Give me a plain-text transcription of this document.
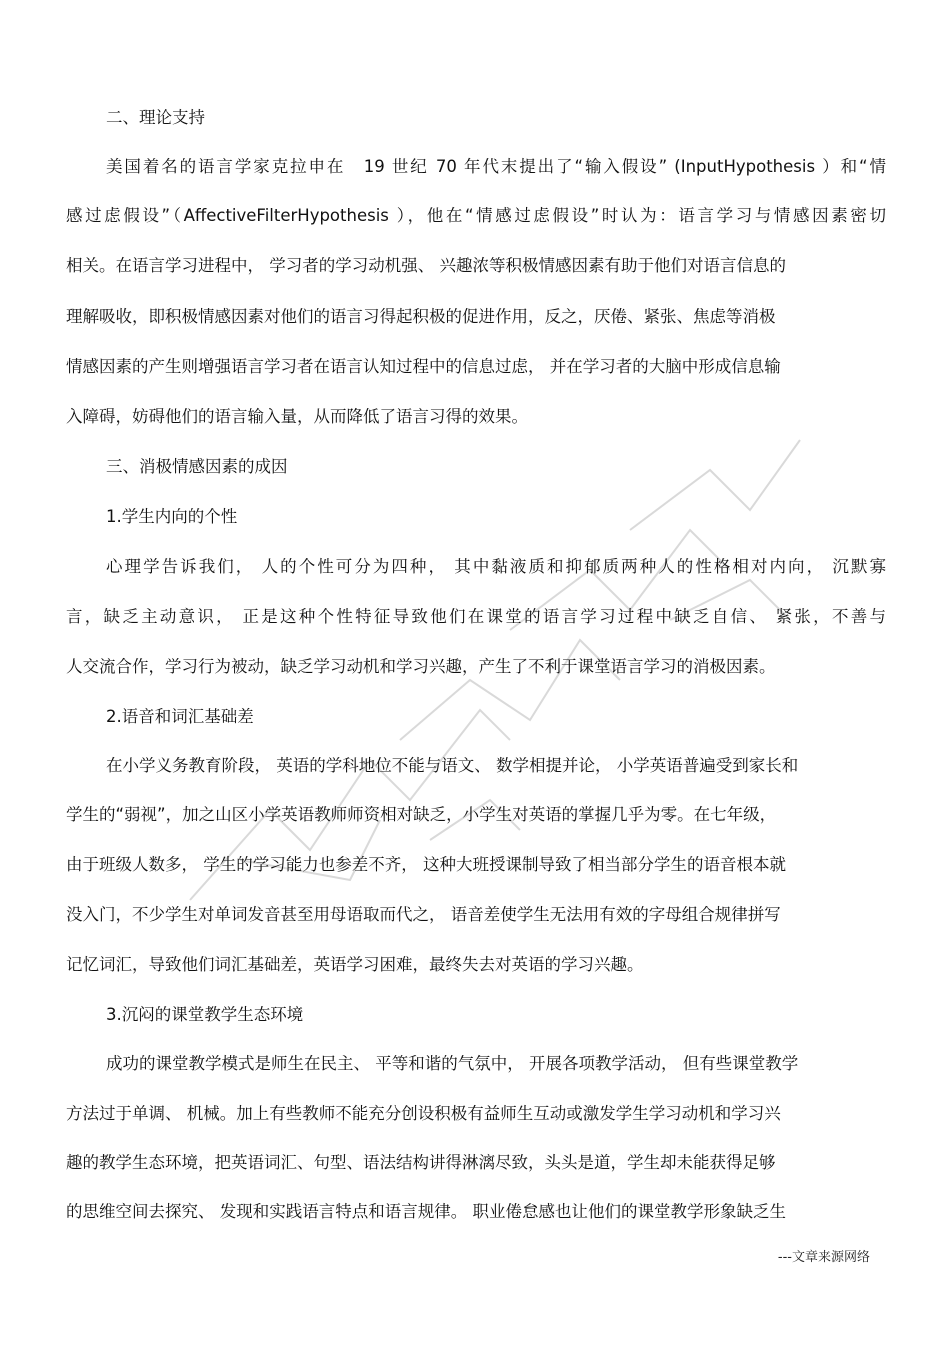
二、理论支持
美国着名的语言学家克拉申在　19 世纪 70 年代末提出了“输入假设” (InputHypothesis ）和“情
感过虑假设”（AffectiveFilterHypothesis ），他在“情感过虑假设”时认为：语言学习与情感因素密切
相关。在语言学习进程中， 学习者的学习动机强、 兴趣浓等积极情感因素有助于他们对语言信息的
理解吸收，即积极情感因素对他们的语言习得起积极的促进作用，反之，厌倦、紧张、焦虑等消极
情感因素的产生则增强语言学习者在语言认知过程中的信息过虑， 并在学习者的大脑中形成信息输
入障碍，妨碍他们的语言输入量，从而降低了语言习得的效果。
三、消极情感因素的成因
1.学生内向的个性
心理学告诉我们， 人的个性可分为四种， 其中黏液质和抑郁质两种人的性格相对内向， 沉默寡
言，缺乏主动意识， 正是这种个性特征导致他们在课堂的语言学习过程中缺乏自信、 紧张，不善与
人交流合作，学习行为被动，缺乏学习动机和学习兴趣，产生了不利于课堂语言学习的消极因素。
2.语音和词汇基础差
在小学义务教育阶段， 英语的学科地位不能与语文、 数学相提并论， 小学英语普遍受到家长和
学生的“弱视”，加之山区小学英语教师师资相对缺乏，小学生对英语的掌握几乎为零。在七年级，
由于班级人数多， 学生的学习能力也参差不齐， 这种大班授课制导致了相当部分学生的语音根本就
没入门，不少学生对单词发音甚至用母语取而代之， 语音差使学生无法用有效的字母组合规律拼写
记忆词汇，导致他们词汇基础差，英语学习困难，最终失去对英语的学习兴趣。
3.沉闷的课堂教学生态环境
成功的课堂教学模式是师生在民主、 平等和谐的气氛中， 开展各项教学活动， 但有些课堂教学
方法过于单调、 机械。加上有些教师不能充分创设积极有益师生互动或激发学生学习动机和学习兴
趣的教学生态环境，把英语词汇、句型、语法结构讲得淋漓尽致，头头是道，学生却未能获得足够
的思维空间去探究、 发现和实践语言特点和语言规律。 职业倦怠感也让他们的课堂教学形象缺乏生
---文章来源网络
